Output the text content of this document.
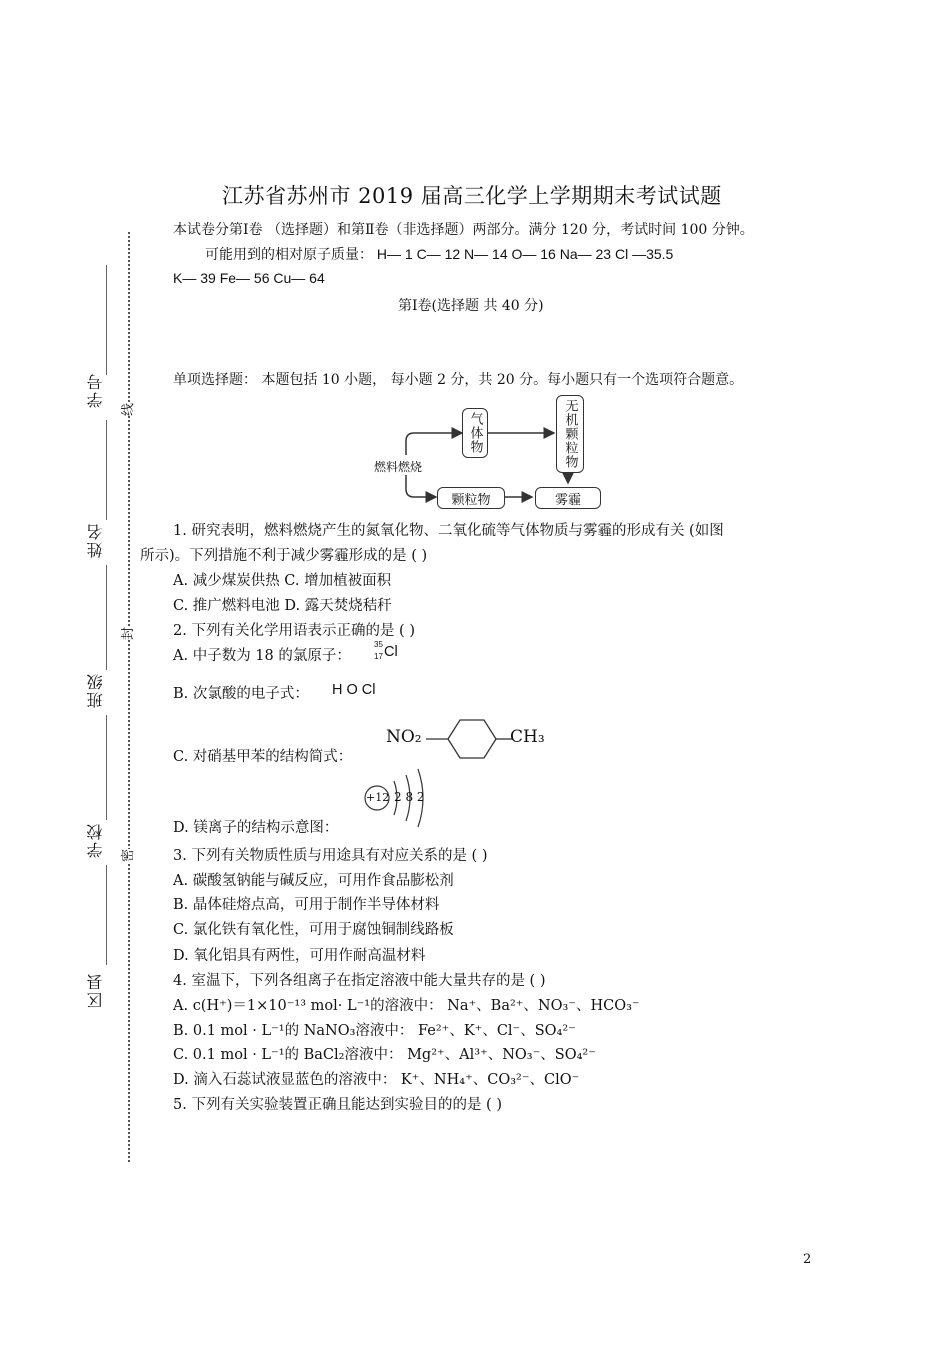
江苏省苏州市 2019 届高三化学上学期期末考试试题
本试卷分第Ⅰ卷 （选择题）和第Ⅱ卷（非选择题）两部分。满分 120 分，考试时间 100 分钟。
可能用到的相对原子质量： H— 1 C— 12 N— 14 O— 16 Na— 23 Cl —35.5
K— 39 Fe— 56 Cu— 64
第Ⅰ卷(选择题 共 40 分)
单项选择题： 本题包括 10 小题， 每小题 2 分，共 20 分。每小题只有一个选项符合题意。
学号
姓名
班级
学校
区县
线
封
密
燃料燃烧
气体物	无机颗粒物
颗粒物	雾霾
1. 研究表明，燃料燃烧产生的氮氧化物、二氧化硫等气体物质与雾霾的形成有关 (如图
所示)。下列措施不利于减少雾霾形成的是 ( )
A. 减少煤炭供热 C. 增加植被面积
C. 推广燃料电池 D. 露天焚烧秸秆
2. 下列有关化学用语表示正确的是 ( )
A. 中子数为 18 的氯原子：
35
17 Cl
B. 次氯酸的电子式： H O Cl
C. 对硝基甲苯的结构简式：
NO₂	CH₃
D. 镁离子的结构示意图：
+12 2 8 2
3. 下列有关物质性质与用途具有对应关系的是 ( )
A. 碳酸氢钠能与碱反应，可用作食品膨松剂
B. 晶体硅熔点高，可用于制作半导体材料
C. 氯化铁有氧化性，可用于腐蚀铜制线路板
D. 氧化铝具有两性，可用作耐高温材料
4. 室温下，下列各组离子在指定溶液中能大量共存的是 ( )
A. c(H⁺)＝1×10⁻¹³ mol· L⁻¹的溶液中： Na⁺、Ba²⁺、NO₃⁻、HCO₃⁻
B. 0.1 mol · L⁻¹的 NaNO₃溶液中： Fe²⁺、K⁺、Cl⁻、SO₄²⁻
C. 0.1 mol · L⁻¹的 BaCl₂溶液中： Mg²⁺、Al³⁺、NO₃⁻、SO₄²⁻
D. 滴入石蕊试液显蓝色的溶液中： K⁺、NH₄⁺、CO₃²⁻、ClO⁻
5. 下列有关实验装置正确且能达到实验目的的是 ( )
2
